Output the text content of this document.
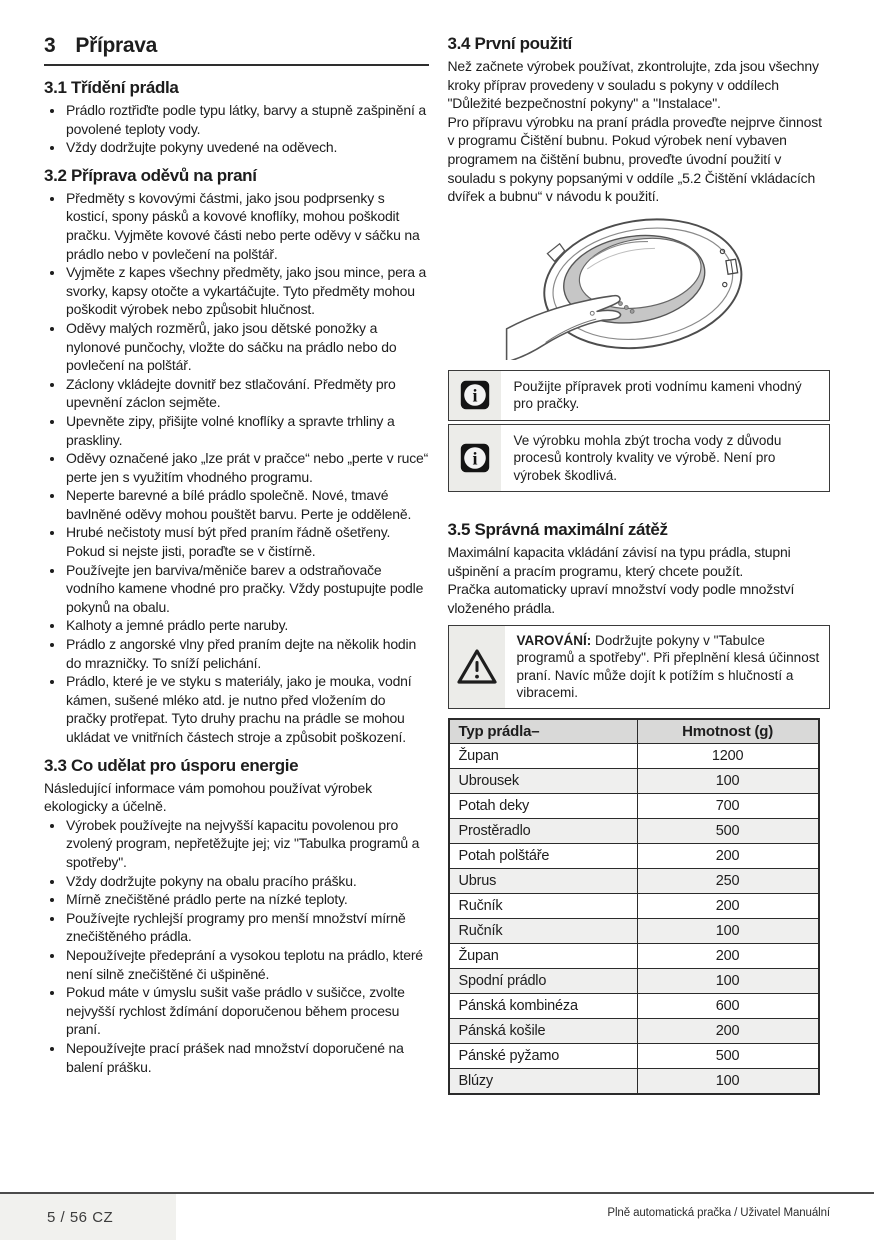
3 Příprava
3.1 Třídění prádla
• Prádlo roztřiďte podle typu látky, barvy a stupně zašpinění a povolené teploty vody.
• Vždy dodržujte pokyny uvedené na oděvech.
3.2 Příprava oděvů na praní
• Předměty s kovovými částmi, jako jsou podprsenky s kosticí, spony pásků a kovové knoflíky, mohou poškodit pračku. Vyjměte kovové části nebo perte oděvy v sáčku na prádlo nebo v povlečení na polštář.
• Vyjměte z kapes všechny předměty, jako jsou mince, pera a svorky, kapsy otočte a vykartáčujte. Tyto předměty mohou poškodit výrobek nebo způsobit hlučnost.
• Oděvy malých rozměrů, jako jsou dětské ponožky a nylonové punčochy, vložte do sáčku na prádlo nebo do povlečení na polštář.
• Záclony vkládejte dovnitř bez stlačování. Předměty pro upevnění záclon sejměte.
• Upevněte zipy, přišijte volné knoflíky a spravte trhliny a praskliny.
• Oděvy označené jako „lze prát v pračce“ nebo „perte v ruce“ perte jen s využitím vhodného programu.
• Neperte barevné a bílé prádlo společně. Nové, tmavé bavlněné oděvy mohou pouštět barvu. Perte je odděleně.
• Hrubé nečistoty musí být před praním řádně ošetřeny. Pokud si nejste jisti, poraďte se v čistírně.
• Používejte jen barviva/měniče barev a odstraňovače vodního kamene vhodné pro pračky. Vždy postupujte podle pokynů na obalu.
• Kalhoty a jemné prádlo perte naruby.
• Prádlo z angorské vlny před praním dejte na několik hodin do mrazničky. To sníží pelichání.
• Prádlo, které je ve styku s materiály, jako je mouka, vodní kámen, sušené mléko atd. je nutno před vložením do pračky protřepat. Tyto druhy prachu na prádle se mohou ukládat ve vnitřních částech stroje a způsobit poškození.
3.3 Co udělat pro úsporu energie

Následující informace vám pomohou používat výrobek ekologicky a účelně.

• Výrobek používejte na nejvyšší kapacitu povolenou pro zvolený program, nepřetěžujte jej; viz "Tabulka programů a spotřeby".
• Vždy dodržujte pokyny na obalu pracího prášku.
• Mírně znečištěné prádlo perte na nízké teploty.
• Používejte rychlejší programy pro menší množství mírně znečištěného prádla.
• Nepoužívejte předeprání a vysokou teplotu na prádlo, které není silně znečištěné či ušpiněné.
• Pokud máte v úmyslu sušit vaše prádlo v sušičce, zvolte nejvyšší rychlost ždímání doporučenou během procesu praní.
• Nepoužívejte prací prášek nad množství doporučené na balení prášku.
3.4 První použití

Než začnete výrobek používat, zkontrolujte, zda jsou všechny kroky příprav provedeny v souladu s pokyny v oddílech "Důležité bezpečnostní pokyny" a "Instalace".

Pro přípravu výrobku na praní prádla proveďte nejprve činnost v programu Čištění bubnu. Pokud výrobek není vybaven programem na čištění bubnu, proveďte úvodní použití v souladu s pokyny popsanými v oddíle „5.2 Čištění vkládacích dvířek a bubnu“ v návodu k použití.

i	Použijte přípravek proti vodnímu kameni vhodný pro pračky.
i
Ve výrobku mohla zbýt trocha vody z důvodu procesů kontroly kvality ve výrobě. Není pro výrobek škodlivá.
3.5 Správná maximální zátěž

Maximální kapacita vkládání závisí na typu prádla, stupni ušpinění a pracím programu, který chcete použít.

Pračka automaticky upraví množství vody podle množství vloženého prádla.

VAROVÁNÍ: Dodržujte pokyny v "Tabulce programů a spotřeby". Při přeplnění klesá účinnost praní. Navíc může dojít k potížím s hlučností a vibracemi.
Typ prádla–	Hmotnost (g)
Župan	1200
Ubrousek	100
Potah deky	700
Prostěradlo	500
Potah polštáře	200
Ubrus	250
Ručník	200
Ručník	100
Župan	200
Spodní prádlo	100
Pánská kombinéza	600
Pánská košile	200
Pánské pyžamo	500
Blúzy	100
5 / 56 CZ	Plně automatická pračka / Uživatel Manuální
